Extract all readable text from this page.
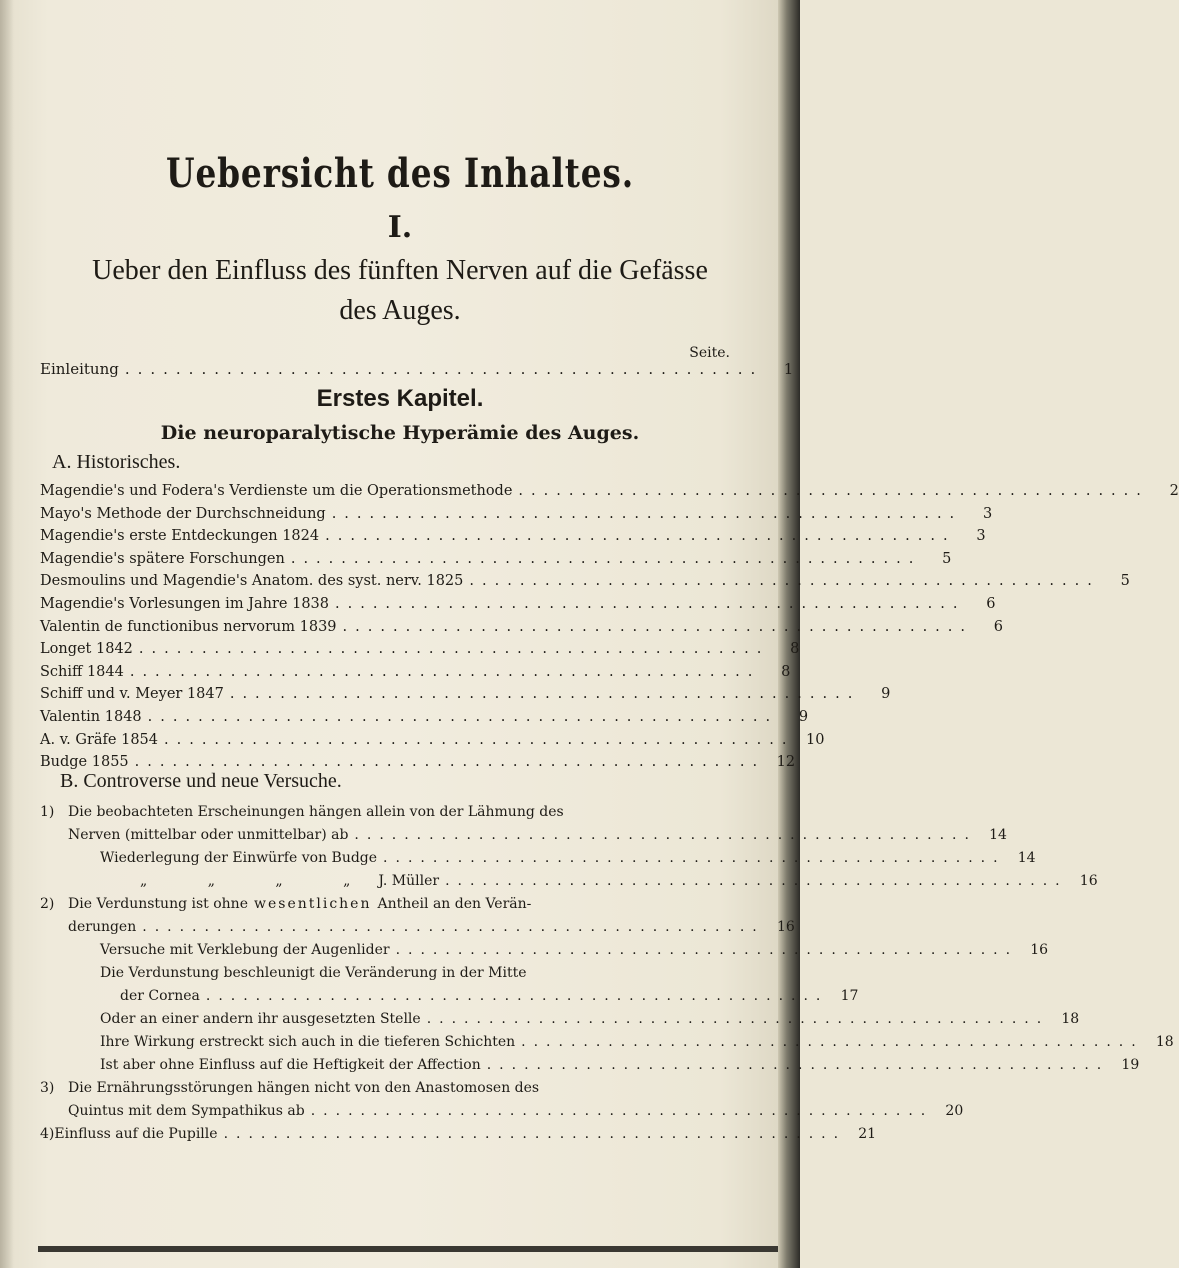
Uebersicht des Inhaltes.
I.
Ueber den Einfluss des fünften Nerven auf die Gefässe
des Auges.
Seite.
Einleitung ..................................................	1
Erstes Kapitel.
Die neuroparalytische Hyperämie des Auges.
A. Historisches.
Magendie's und Fodera's Verdienste um die Operationsmethode ..................................................	2
Mayo's Methode der Durchschneidung ..................................................	3
Magendie's erste Entdeckungen 1824 ..................................................	3
Magendie's spätere Forschungen ..................................................	5
Desmoulins und Magendie's Anatom. des syst. nerv. 1825 ..................................................	5
Magendie's Vorlesungen im Jahre 1838 ..................................................	6
Valentin de functionibus nervorum 1839 ..................................................	6
Longet 1842 ..................................................	8
Schiff 1844 ..................................................	8
Schiff und v. Meyer 1847 ..................................................	9
Valentin 1848 ..................................................	9
A. v. Gräfe 1854 .................................................. 10
Budge 1855 .................................................. 12
B. Controverse und neue Versuche.
1) Die beobachteten Erscheinungen hängen allein von der Lähmung des
Nerven (mittelbar oder unmittelbar) ab .................................................. 14
Wiederlegung der Einwürfe von Budge .................................................. 14
„ „ „ „ J. Müller .................................................. 16
2) Die Verdunstung ist ohne wesentlichen Antheil an den Verän-
derungen .................................................. 16
Versuche mit Verklebung der Augenlider .................................................. 16
Die Verdunstung beschleunigt die Veränderung in der Mitte
der Cornea .................................................. 17
Oder an einer andern ihr ausgesetzten Stelle .................................................. 18
Ihre Wirkung erstreckt sich auch in die tieferen Schichten .................................................. 18
Ist aber ohne Einfluss auf die Heftigkeit der Affection .................................................. 19
3) Die Ernährungsstörungen hängen nicht von den Anastomosen des
Quintus mit dem Sympathikus ab .................................................. 20
4) Einfluss auf die Pupille .................................................. 21
